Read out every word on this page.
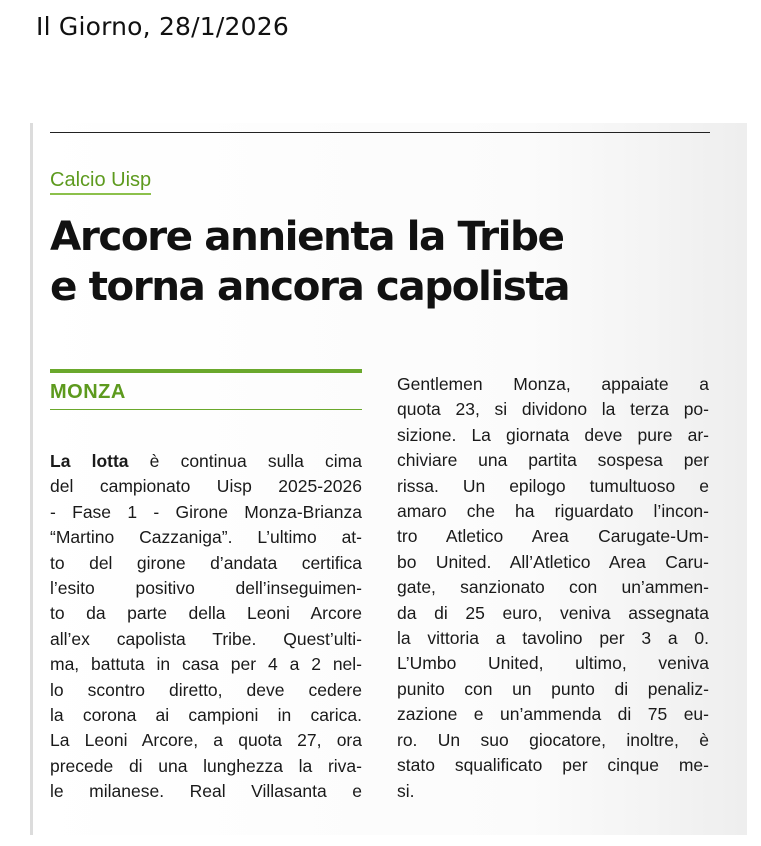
Il Giorno, 28/1/2026
Calcio Uisp
Arcore annienta la Tribe
e torna ancora capolista
MONZA
La lotta è continua sulla cima
del campionato Uisp 2025-2026
- Fase 1 - Girone Monza-Brianza
“Martino Cazzaniga”. L’ultimo at-
to del girone d’andata certifica
l’esito positivo dell’inseguimen-
to da parte della Leoni Arcore
all’ex capolista Tribe. Quest’ulti-
ma, battuta in casa per 4 a 2 nel-
lo scontro diretto, deve cedere
la corona ai campioni in carica.
La Leoni Arcore, a quota 27, ora
precede di una lunghezza la riva-
le milanese. Real Villasanta e
Gentlemen Monza, appaiate a
quota 23, si dividono la terza po-
sizione. La giornata deve pure ar-
chiviare una partita sospesa per
rissa. Un epilogo tumultuoso e
amaro che ha riguardato l’incon-
tro Atletico Area Carugate-Um-
bo United. All’Atletico Area Caru-
gate, sanzionato con un’ammen-
da di 25 euro, veniva assegnata
la vittoria a tavolino per 3 a 0.
L’Umbo United, ultimo, veniva
punito con un punto di penaliz-
zazione e un’ammenda di 75 eu-
ro. Un suo giocatore, inoltre, è
stato squalificato per cinque me-
si.
